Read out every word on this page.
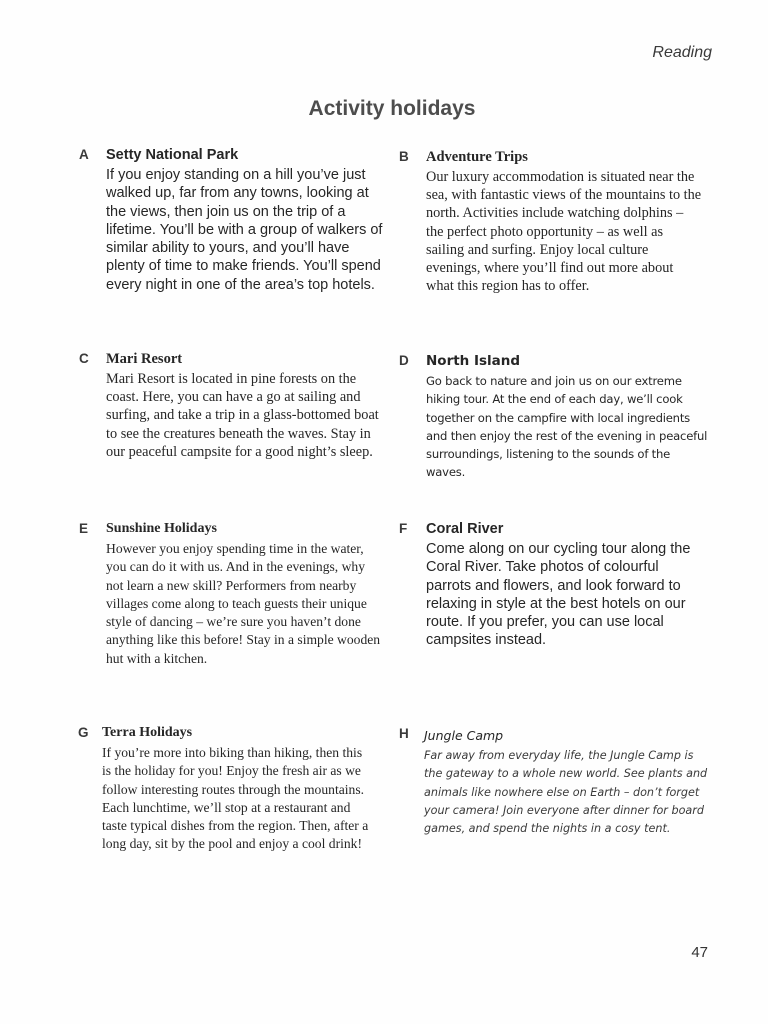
Reading
Activity holidays
A Setty National Park
If you enjoy standing on a hill you’ve just walked up, far from any towns, looking at the views, then join us on the trip of a lifetime. You’ll be with a group of walkers of similar ability to yours, and you’ll have plenty of time to make friends. You’ll spend every night in one of the area’s top hotels.
B Adventure Trips
Our luxury accommodation is situated near the sea, with fantastic views of the mountains to the north. Activities include watching dolphins – the perfect photo opportunity – as well as sailing and surfing. Enjoy local culture evenings, where you’ll find out more about what this region has to offer.
C Mari Resort
Mari Resort is located in pine forests on the coast. Here, you can have a go at sailing and surfing, and take a trip in a glass-bottomed boat to see the creatures beneath the waves. Stay in our peaceful campsite for a good night’s sleep.
D North Island
Go back to nature and join us on our extreme hiking tour. At the end of each day, we’ll cook together on the campfire with local ingredients and then enjoy the rest of the evening in peaceful surroundings, listening to the sounds of the waves.
E Sunshine Holidays
However you enjoy spending time in the water, you can do it with us. And in the evenings, why not learn a new skill? Performers from nearby villages come along to teach guests their unique style of dancing – we’re sure you haven’t done anything like this before! Stay in a simple wooden hut with a kitchen.
F Coral River
Come along on our cycling tour along the Coral River. Take photos of colourful parrots and flowers, and look forward to relaxing in style at the best hotels on our route. If you prefer, you can use local campsites instead.
G Terra Holidays
If you’re more into biking than hiking, then this is the holiday for you! Enjoy the fresh air as we follow interesting routes through the mountains. Each lunchtime, we’ll stop at a restaurant and taste typical dishes from the region. Then, after a long day, sit by the pool and enjoy a cool drink!
H Jungle Camp
Far away from everyday life, the Jungle Camp is the gateway to a whole new world. See plants and animals like nowhere else on Earth – don’t forget your camera! Join everyone after dinner for board games, and spend the nights in a cosy tent.
47
